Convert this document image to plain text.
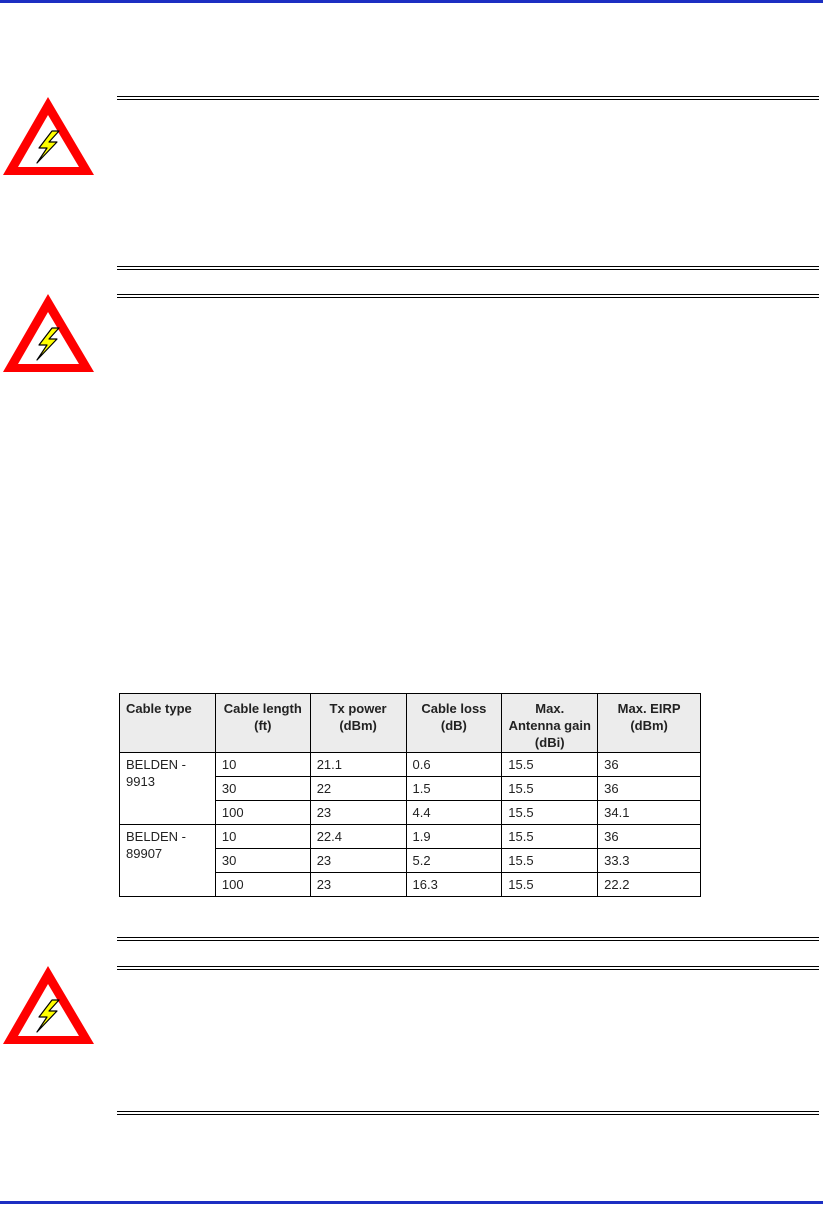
Cable type	Cable length (ft)	Tx power (dBm)	Cable loss (dB)	Max. Antenna gain (dBi)	Max. EIRP (dBm)
BELDEN - 9913	10	21.1	0.6	15.5	36
	30	22	1.5	15.5	36
	100	23	4.4	15.5	34.1
BELDEN - 89907	10	22.4	1.9	15.5	36
	30	23	5.2	15.5	33.3
	100	23	16.3	15.5	22.2
